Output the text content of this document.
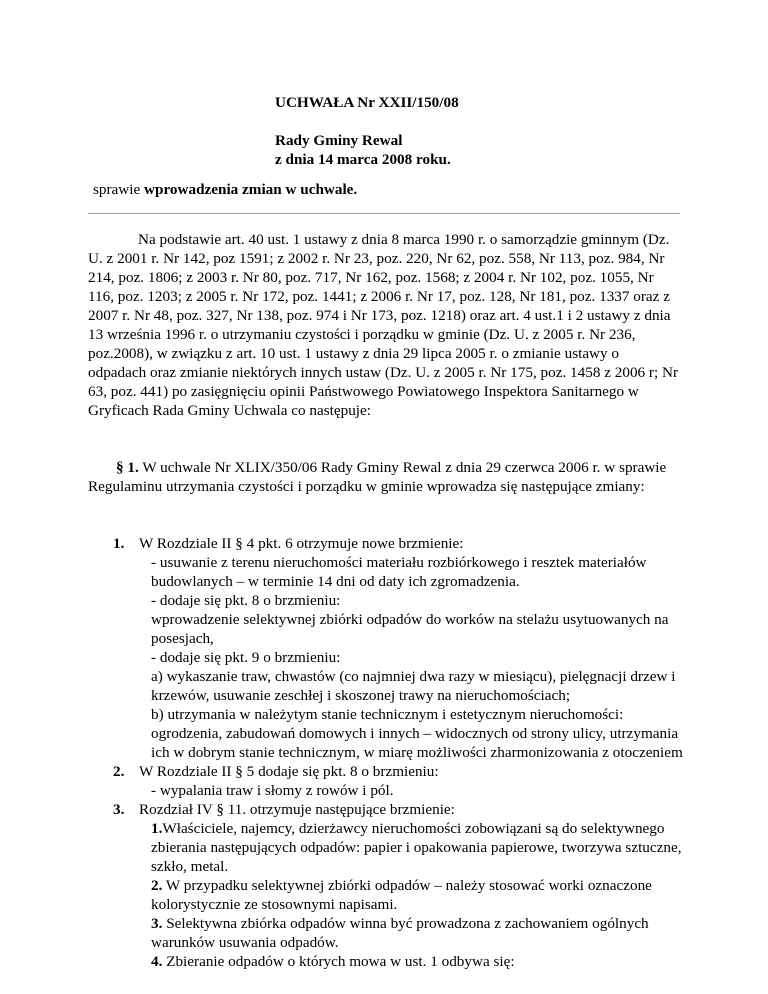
UCHWAŁA Nr XXII/150/08
Rady Gminy Rewal
z dnia 14 marca 2008 roku.
sprawie wprowadzenia zmian w uchwale.

Na podstawie art. 40 ust. 1 ustawy z dnia 8 marca 1990 r. o samorządzie gminnym (Dz. U. z 2001 r. Nr 142, poz 1591; z 2002 r. Nr 23, poz. 220, Nr 62, poz. 558, Nr 113, poz. 984, Nr 214, poz. 1806; z 2003 r. Nr 80, poz. 717, Nr 162, poz. 1568; z 2004 r. Nr 102, poz. 1055, Nr 116, poz. 1203; z 2005 r. Nr 172, poz. 1441; z 2006 r. Nr 17, poz. 128, Nr 181, poz. 1337 oraz z 2007 r. Nr 48, poz. 327, Nr 138, poz. 974 i Nr 173, poz. 1218) oraz art. 4 ust.1 i 2 ustawy z dnia 13 września 1996 r. o utrzymaniu czystości i porządku w gminie (Dz. U. z 2005 r. Nr 236, poz.2008), w związku z art. 10 ust. 1 ustawy z dnia 29 lipca 2005 r. o zmianie ustawy o odpadach oraz zmianie niektórych innych ustaw (Dz. U. z 2005 r. Nr 175, poz. 1458 z 2006 r; Nr 63, poz. 441) po zasięgnięciu opinii Państwowego Powiatowego Inspektora Sanitarnego w Gryficach Rada Gminy Uchwala co następuje:

§ 1. W uchwale Nr XLIX/350/06 Rady Gminy Rewal z dnia 29 czerwca 2006 r. w sprawie Regulaminu utrzymania czystości i porządku w gminie wprowadza się następujące zmiany:

1. W Rozdziale II § 4 pkt. 6 otrzymuje nowe brzmienie:
- usuwanie z terenu nieruchomości materiału rozbiórkowego i resztek materiałów budowlanych – w terminie 14 dni od daty ich zgromadzenia.
- dodaje się pkt. 8 o brzmieniu:
wprowadzenie selektywnej zbiórki odpadów do worków na stelażu usytuowanych na posesjach,
- dodaje się pkt. 9 o brzmieniu:
a) wykaszanie traw, chwastów (co najmniej dwa razy w miesiącu), pielęgnacji drzew i krzewów, usuwanie zeschłej i skoszonej trawy na nieruchomościach;
b) utrzymania w należytym stanie technicznym i estetycznym nieruchomości: ogrodzenia, zabudowań domowych i innych – widocznych od strony ulicy, utrzymania ich w dobrym stanie technicznym, w miarę możliwości zharmonizowania z otoczeniem
2. W Rozdziale II § 5 dodaje się pkt. 8 o brzmieniu:
- wypalania traw i słomy z rowów i pól.
3. Rozdział IV § 11. otrzymuje następujące brzmienie:
1.Właściciele, najemcy, dzierżawcy nieruchomości zobowiązani są do selektywnego zbierania następujących odpadów: papier i opakowania papierowe, tworzywa sztuczne, szkło, metal.
2. W przypadku selektywnej zbiórki odpadów – należy stosować worki oznaczone kolorystycznie ze stosownymi napisami.
3. Selektywna zbiórka odpadów winna być prowadzona z zachowaniem ogólnych warunków usuwania odpadów.
4. Zbieranie odpadów o których mowa w ust. 1 odbywa się:
